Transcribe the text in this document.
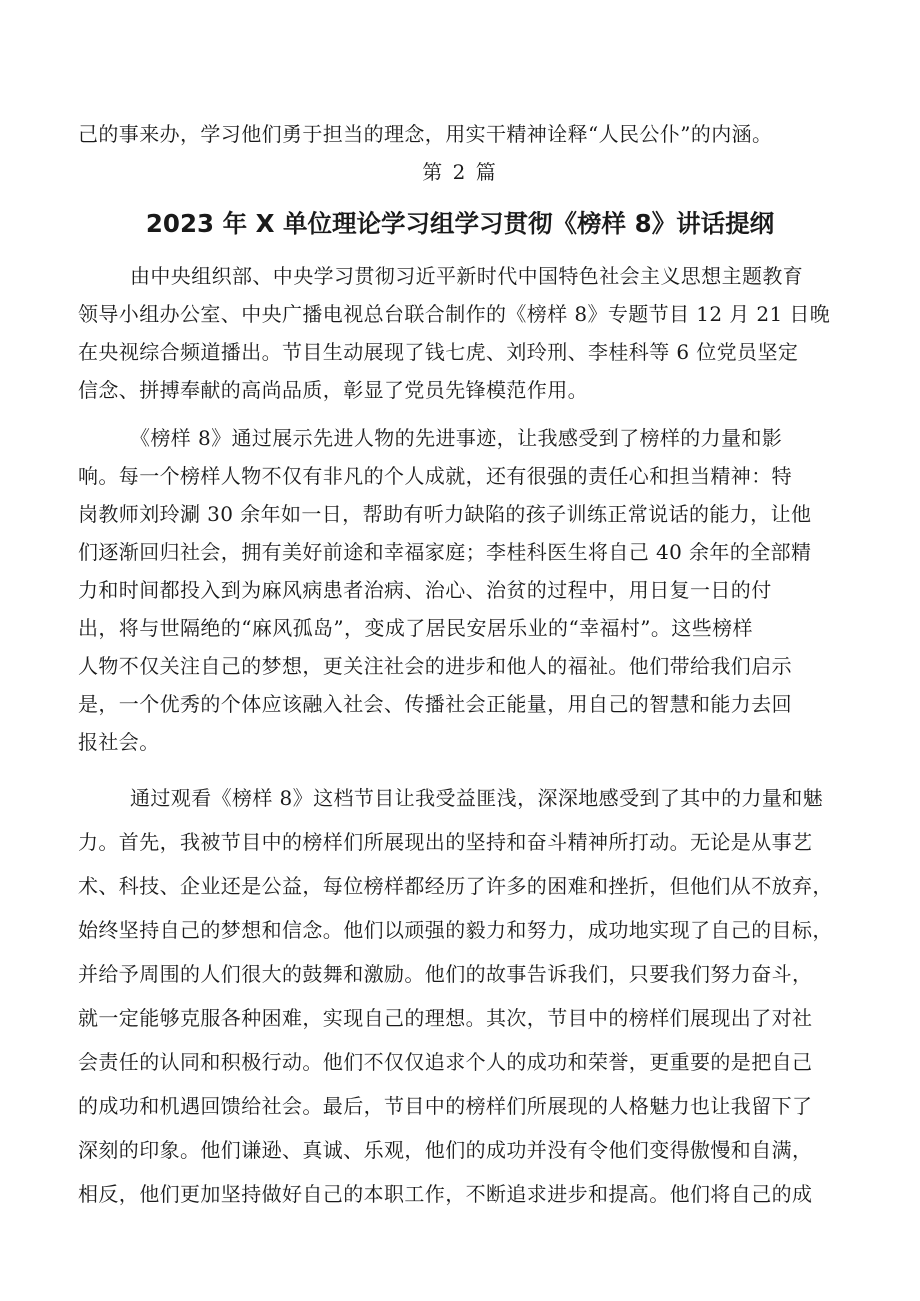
己的事来办，学习他们勇于担当的理念，用实干精神诠释“人民公仆”的内涵。
第 2 篇
2023 年 X 单位理论学习组学习贯彻《榜样 8》讲话提纲
由中央组织部、中央学习贯彻习近平新时代中国特色社会主义思想主题教育
领导小组办公室、中央广播电视总台联合制作的《榜样 8》专题节目 12 月 21 日晚
在央视综合频道播出。节目生动展现了钱七虎、刘玲刑、李桂科等 6 位党员坚定
信念、拼搏奉献的高尚品质，彰显了党员先锋模范作用。
《榜样 8》通过展示先进人物的先进事迹，让我感受到了榜样的力量和影
响。每一个榜样人物不仅有非凡的个人成就，还有很强的责任心和担当精神：特
岗教师刘玲涮 30 余年如一日，帮助有听力缺陷的孩子训练正常说话的能力，让他
们逐渐回归社会，拥有美好前途和幸福家庭；李桂科医生将自己 40 余年的全部精
力和时间都投入到为麻风病患者治病、治心、治贫的过程中，用日复一日的付
出，将与世隔绝的“麻风孤岛”，变成了居民安居乐业的“幸福村”。这些榜样
人物不仅关注自己的梦想，更关注社会的进步和他人的福祉。他们带给我们启示
是，一个优秀的个体应该融入社会、传播社会正能量，用自己的智慧和能力去回
报社会。
通过观看《榜样 8》这档节目让我受益匪浅，深深地感受到了其中的力量和魅
力。首先，我被节目中的榜样们所展现出的坚持和奋斗精神所打动。无论是从事艺
术、科技、企业还是公益，每位榜样都经历了许多的困难和挫折，但他们从不放弃，
始终坚持自己的梦想和信念。他们以顽强的毅力和努力，成功地实现了自己的目标，
并给予周围的人们很大的鼓舞和激励。他们的故事告诉我们，只要我们努力奋斗，
就一定能够克服各种困难，实现自己的理想。其次，节目中的榜样们展现出了对社
会责任的认同和积极行动。他们不仅仅追求个人的成功和荣誉，更重要的是把自己
的成功和机遇回馈给社会。最后，节目中的榜样们所展现的人格魅力也让我留下了
深刻的印象。他们谦逊、真诚、乐观，他们的成功并没有令他们变得傲慢和自满，
相反，他们更加坚持做好自己的本职工作，不断追求进步和提高。他们将自己的成
